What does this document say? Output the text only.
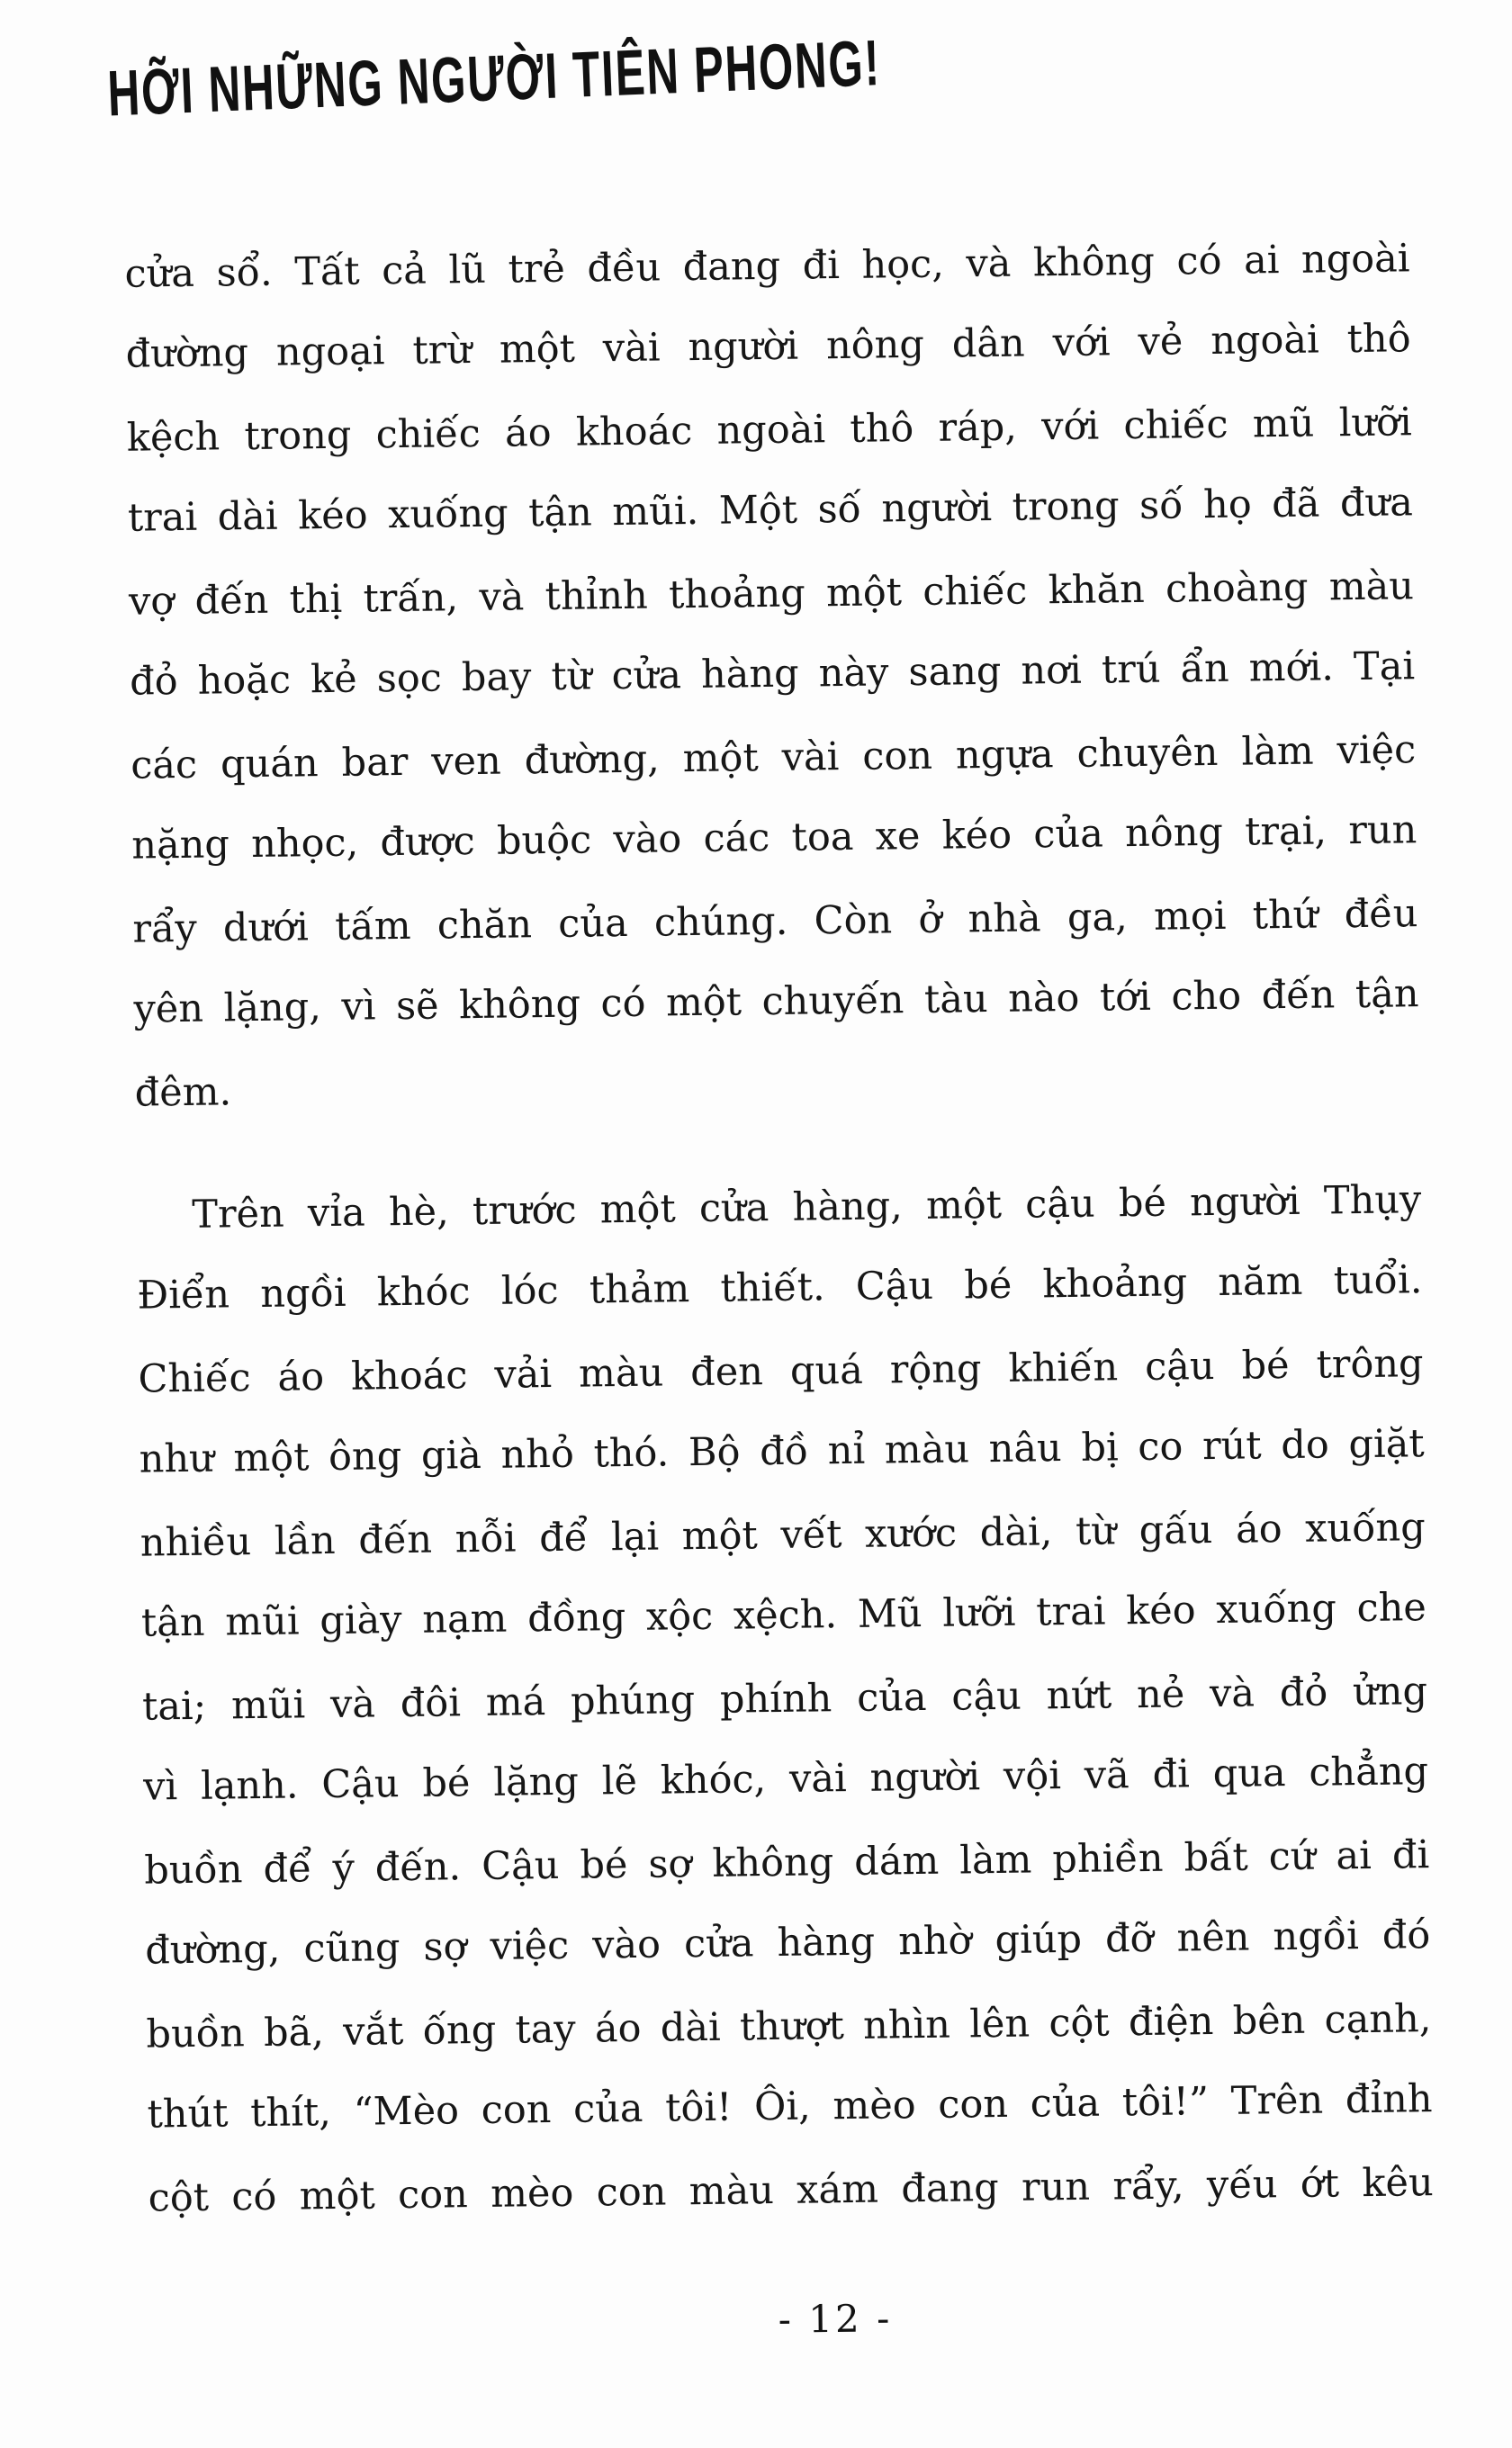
HỠI NHỮNG NGƯỜI TIÊN PHONG!
cửa sổ. Tất cả lũ trẻ đều đang đi học, và không có ai ngoài
đường ngoại trừ một vài người nông dân với vẻ ngoài thô
kệch trong chiếc áo khoác ngoài thô ráp, với chiếc mũ lưỡi
trai dài kéo xuống tận mũi. Một số người trong số họ đã đưa
vợ đến thị trấn, và thỉnh thoảng một chiếc khăn choàng màu
đỏ hoặc kẻ sọc bay từ cửa hàng này sang nơi trú ẩn mới. Tại
các quán bar ven đường, một vài con ngựa chuyên làm việc
nặng nhọc, được buộc vào các toa xe kéo của nông trại, run
rẩy dưới tấm chăn của chúng. Còn ở nhà ga, mọi thứ đều
yên lặng, vì sẽ không có một chuyến tàu nào tới cho đến tận
đêm.
Trên vỉa hè, trước một cửa hàng, một cậu bé người Thụy
Điển ngồi khóc lóc thảm thiết. Cậu bé khoảng năm tuổi.
Chiếc áo khoác vải màu đen quá rộng khiến cậu bé trông
như một ông già nhỏ thó. Bộ đồ nỉ màu nâu bị co rút do giặt
nhiều lần đến nỗi để lại một vết xước dài, từ gấu áo xuống
tận mũi giày nạm đồng xộc xệch. Mũ lưỡi trai kéo xuống che
tai; mũi và đôi má phúng phính của cậu nứt nẻ và đỏ ửng
vì lạnh. Cậu bé lặng lẽ khóc, vài người vội vã đi qua chẳng
buồn để ý đến. Cậu bé sợ không dám làm phiền bất cứ ai đi
đường, cũng sợ việc vào cửa hàng nhờ giúp đỡ nên ngồi đó
buồn bã, vắt ống tay áo dài thượt nhìn lên cột điện bên cạnh,
thút thít, “Mèo con của tôi! Ôi, mèo con của tôi!” Trên đỉnh
cột có một con mèo con màu xám đang run rẩy, yếu ớt kêu
- 12 -
